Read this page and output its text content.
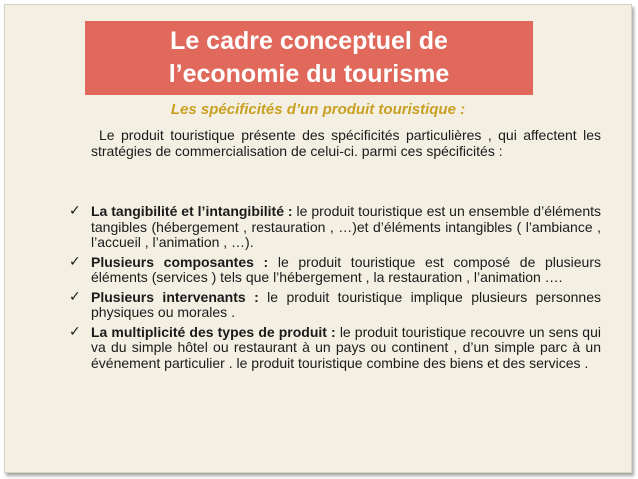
Le cadre conceptuel de
l’economie du tourisme
Les spécificités d’un produit touristique :
Le produit touristique présente des spécificités particulières , qui affectent les stratégies de commercialisation de celui-ci. parmi ces spécificités :
✓ La tangibilité et l’intangibilité : le produit touristique est un ensemble d’éléments tangibles (hébergement , restauration , …)et d’éléments intangibles ( l’ambiance , l’accueil , l’animation , …).
✓ Plusieurs composantes : le produit touristique est composé de plusieurs éléments (services ) tels que l’hébergement , la restauration , l’animation ….
✓ Plusieurs intervenants : le produit touristique implique plusieurs personnes physiques ou morales .
✓ La multiplicité des types de produit : le produit touristique recouvre un sens qui va du simple hôtel ou restaurant à un pays ou continent , d’un simple parc à un événement particulier . le produit touristique combine des biens et des services .
